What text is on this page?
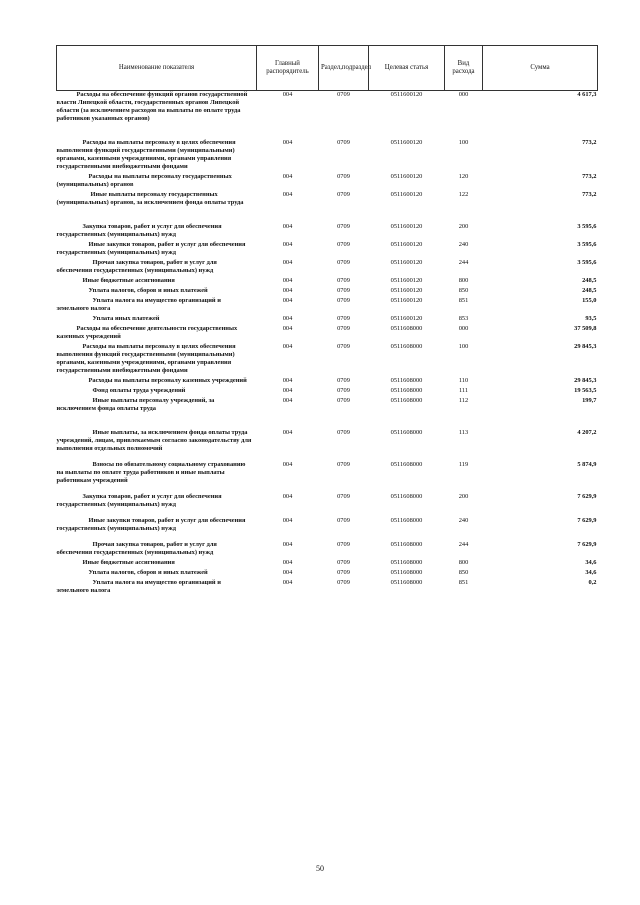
Наименование показателя	Главный распорядитель	Раздел,подраздел	Целевая статья	Вид расхода	Сумма
Расходы на обеспечение функций органов государственной власти Липецкой области, государственных органов Липецкой области (за исключением расходов на выплаты по оплате труда работников указанных органов)	004	0709	0511600120	000	4 617,3
Расходы на выплаты персоналу в целях обеспечения выполнения функций государственными (муниципальными) органами, казенными учреждениями, органами управления государственными внебюджетными фондами	004	0709	0511600120	100	773,2
Расходы на выплаты персоналу государственных (муниципальных) органов	004	0709	0511600120	120	773,2
Иные выплаты персоналу государственных (муниципальных) органов, за исключением фонда оплаты труда	004	0709	0511600120	122	773,2
Закупка товаров, работ и услуг для обеспечения государственных (муниципальных) нужд	004	0709	0511600120	200	3 595,6
Иные закупки товаров, работ и услуг для обеспечения государственных (муниципальных) нужд	004	0709	0511600120	240	3 595,6
Прочая закупка товаров, работ и услуг для обеспечения государственных (муниципальных) нужд	004	0709	0511600120	244	3 595,6
Иные бюджетные ассигнования	004	0709	0511600120	800	248,5
Уплата налогов, сборов и иных платежей	004	0709	0511600120	850	248,5
Уплата налога на имущество организаций и земельного налога	004	0709	0511600120	851	155,0
Уплата иных платежей	004	0709	0511600120	853	93,5
Расходы на обеспечение деятельности государственных казенных учреждений	004	0709	0511608000	000	37 509,8
Расходы на выплаты персоналу в целях обеспечения выполнения функций государственными (муниципальными) органами, казенными учреждениями, органами управления государственными внебюджетными фондами	004	0709	0511608000	100	29 845,3
Расходы на выплаты персоналу казенных учреждений	004	0709	0511608000	110	29 845,3
Фонд оплаты труда учреждений	004	0709	0511608000	111	19 563,5
Иные выплаты персоналу учреждений, за исключением фонда оплаты труда	004	0709	0511608000	112	199,7
Иные выплаты, за исключением фонда оплаты труда учреждений, лицам, привлекаемым согласно законодательству для выполнения отдельных полномочий	004	0709	0511608000	113	4 207,2
Взносы по обязательному социальному страхованию на выплаты по оплате труда работников и иные выплаты работникам учреждений	004	0709	0511608000	119	5 874,9
Закупка товаров, работ и услуг для обеспечения государственных (муниципальных) нужд	004	0709	0511608000	200	7 629,9
Иные закупки товаров, работ и услуг для обеспечения государственных (муниципальных) нужд	004	0709	0511608000	240	7 629,9
Прочая закупка товаров, работ и услуг для обеспечения государственных (муниципальных) нужд	004	0709	0511608000	244	7 629,9
Иные бюджетные ассигнования	004	0709	0511608000	800	34,6
Уплата налогов, сборов и иных платежей	004	0709	0511608000	850	34,6
Уплата налога на имущество организаций и земельного налога	004	0709	0511608000	851	0,2
50
